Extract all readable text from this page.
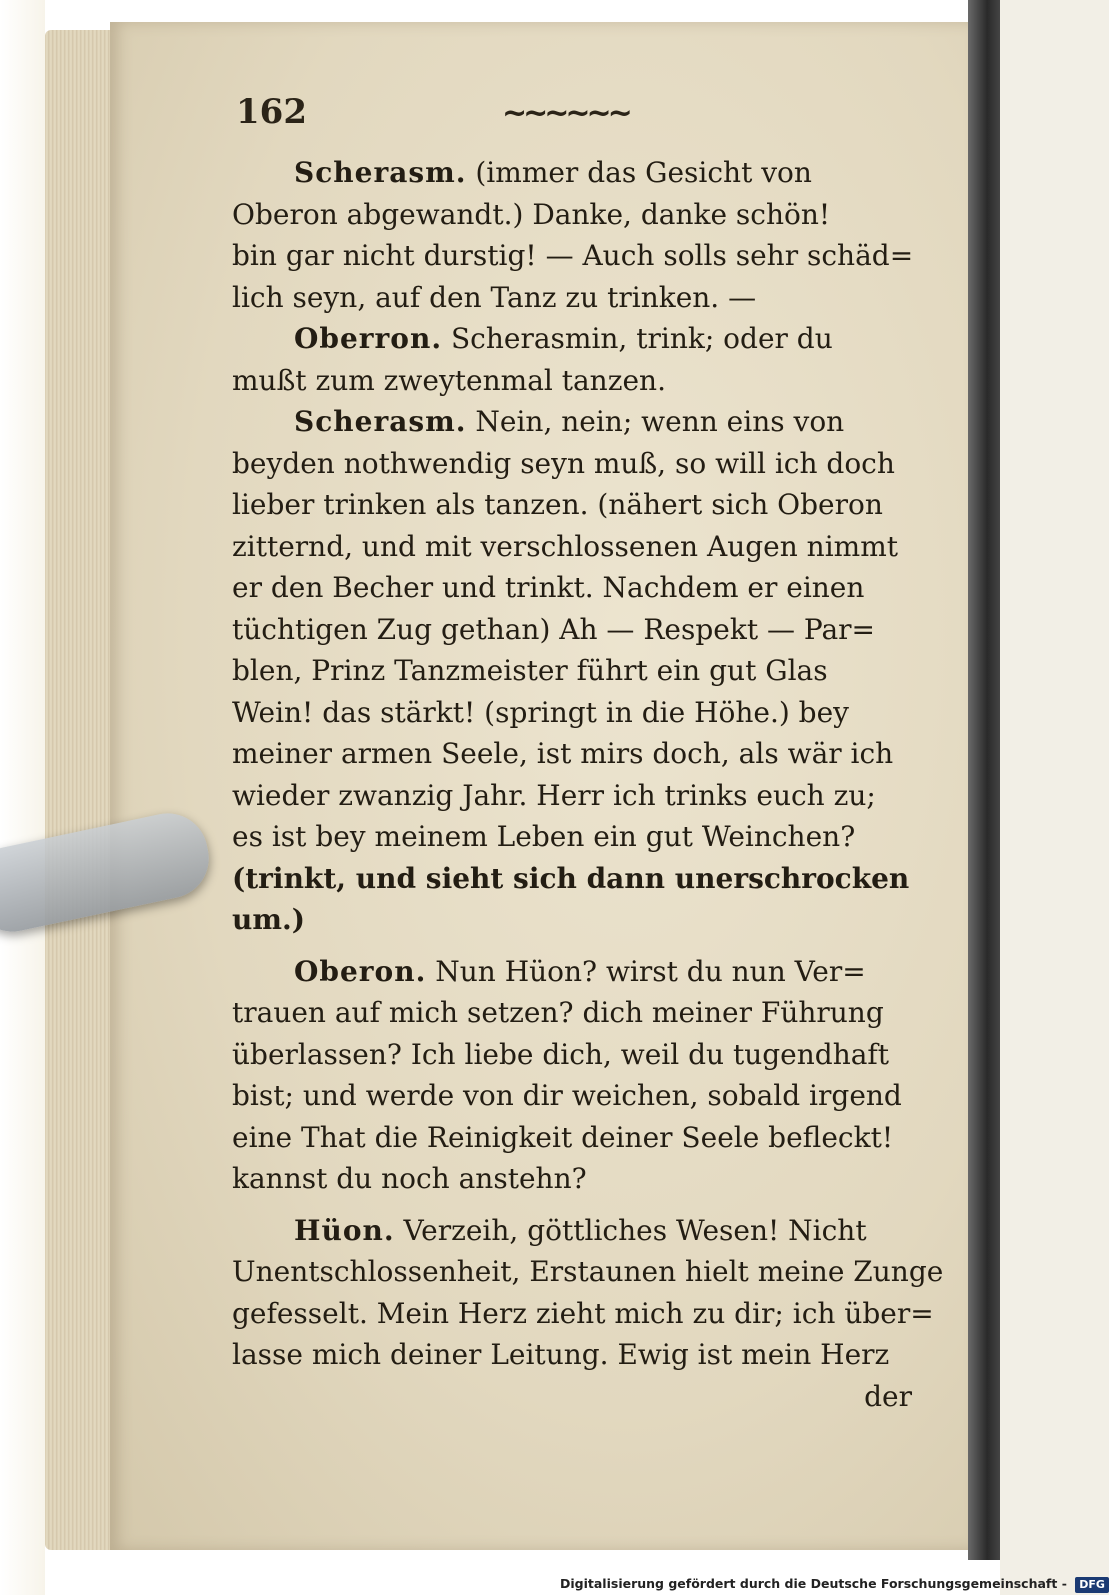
162	~~~~~~
Scherasm. (immer das Gesicht von
Oberon abgewandt.) Danke, danke schön!
bin gar nicht durstig! — Auch solls sehr schäd=
lich seyn, auf den Tanz zu trinken. —
Oberron. Scherasmin, trink; oder du
mußt zum zweytenmal tanzen.
Scherasm. Nein, nein; wenn eins von
beyden nothwendig seyn muß, so will ich doch
lieber trinken als tanzen. (nähert sich Oberon
zitternd, und mit verschlossenen Augen nimmt
er den Becher und trinkt. Nachdem er einen
tüchtigen Zug gethan) Ah — Respekt — Par=
blen, Prinz Tanzmeister führt ein gut Glas
Wein! das stärkt! (springt in die Höhe.) bey
meiner armen Seele, ist mirs doch, als wär ich
wieder zwanzig Jahr. Herr ich trinks euch zu;
es ist bey meinem Leben ein gut Weinchen?
(trinkt, und sieht sich dann unerschrocken
um.)
Oberon. Nun Hüon? wirst du nun Ver=
trauen auf mich setzen? dich meiner Führung
überlassen? Ich liebe dich, weil du tugendhaft
bist; und werde von dir weichen, sobald irgend
eine That die Reinigkeit deiner Seele befleckt!
kannst du noch anstehn?
Hüon. Verzeih, göttliches Wesen! Nicht
Unentschlossenheit, Erstaunen hielt meine Zunge
gefesselt. Mein Herz zieht mich zu dir; ich über=
lasse mich deiner Leitung. Ewig ist mein Herz
der
Digitalisierung gefördert durch die Deutsche Forschungsgemeinschaft - DFG
